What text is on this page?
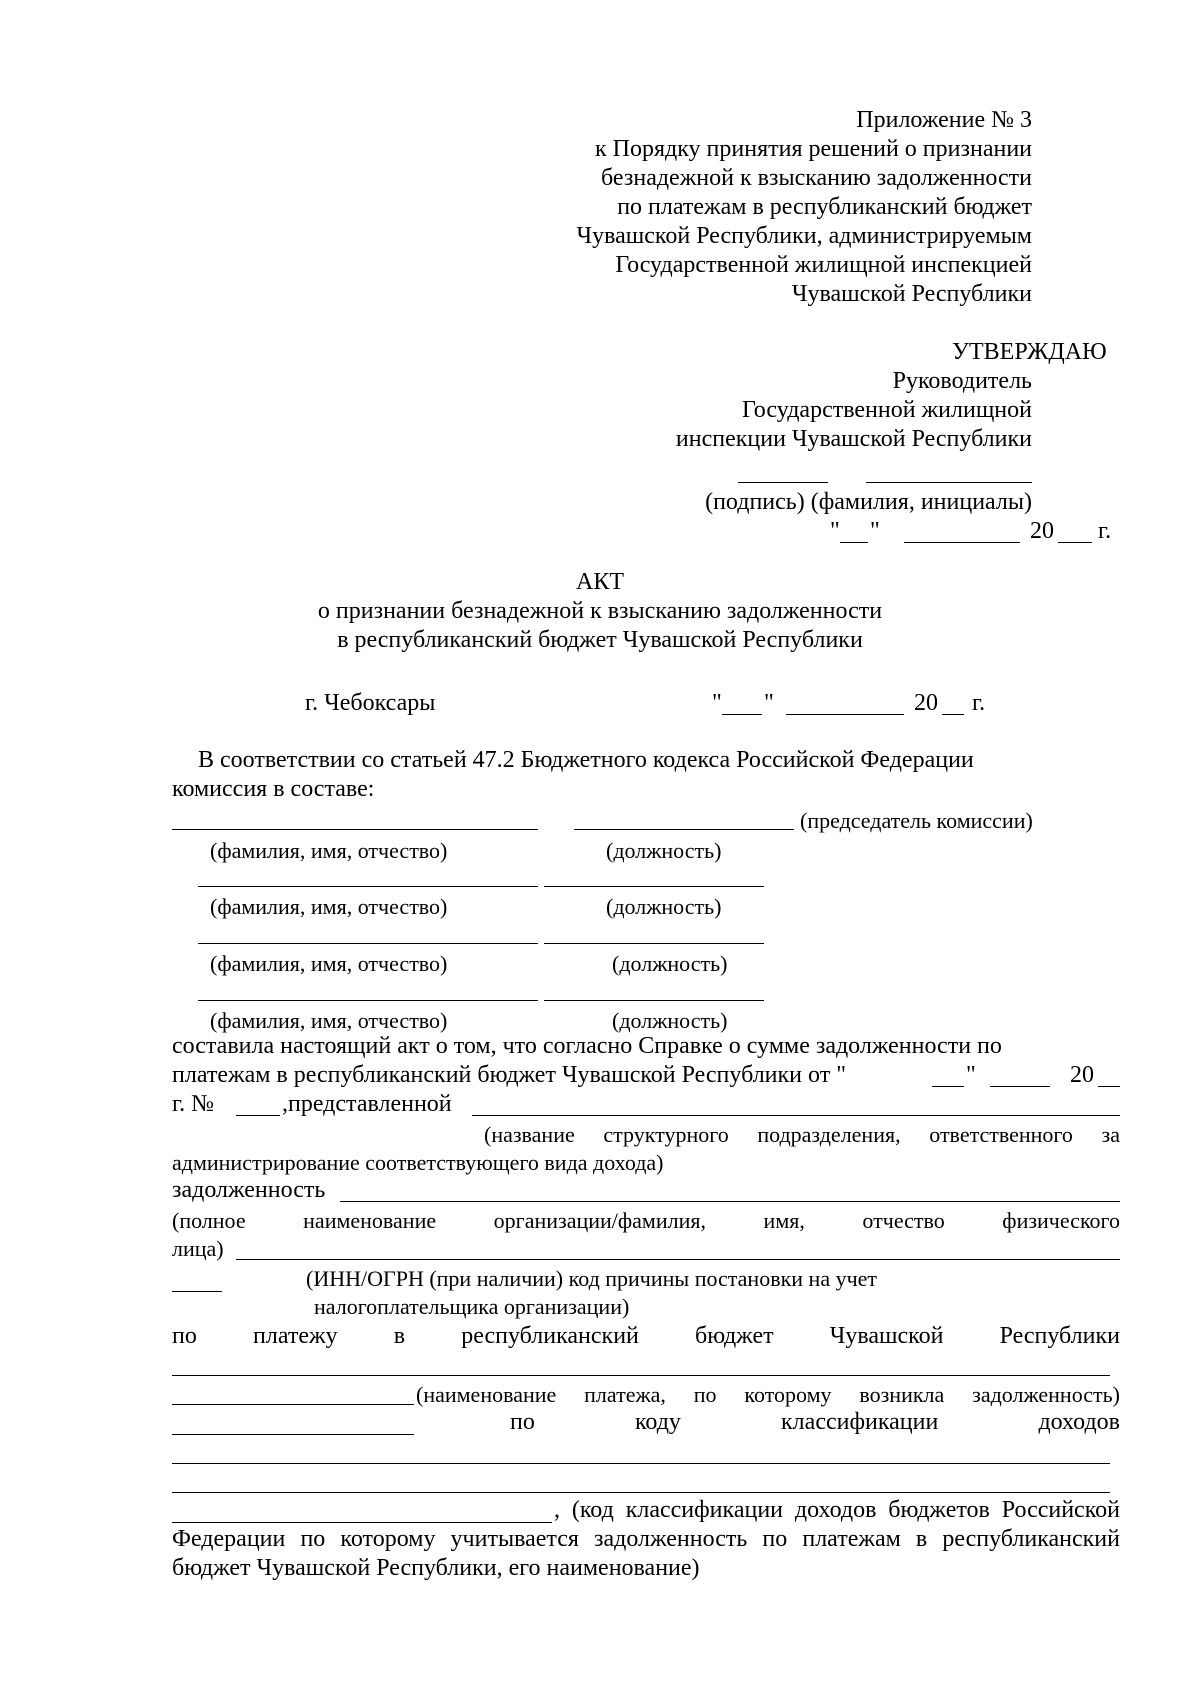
Приложение № 3
к Порядку принятия решений о признании
безнадежной к взысканию задолженности
по платежам в республиканский бюджет
Чувашской Республики, администрируемым
Государственной жилищной инспекцией
Чувашской Республики
УТВЕРЖДАЮ
Руководитель
Государственной жилищной
инспекции Чувашской Республики
(подпись) (фамилия, инициалы)
" "	20 г.
АКТ
о признании безнадежной к взысканию задолженности
в республиканский бюджет Чувашской Республики
г. Чебоксары	" "	20 г.
В соответствии со статьей 47.2 Бюджетного кодекса Российской Федерации
комиссия в составе:
(председатель комиссии)
(фамилия, имя, отчество)	(должность)
(фамилия, имя, отчество)	(должность)
(фамилия, имя, отчество)	(должность)
(фамилия, имя, отчество)	(должность)
составила настоящий акт о том, что согласно Справке о сумме задолженности по
платежам в республиканский бюджет Чувашской Республики от "	"	20
г. №	,представленной
(название структурного подразделения, ответственного за
администрирование соответствующего вида дохода)
задолженность
(полное наименование организации/фамилия, имя, отчество физического
лица)
(ИНН/ОГРН (при наличии) код причины постановки на учет
налогоплательщика организации)
по платежу в республиканский бюджет Чувашской Республики
(наименование платежа, по которому возникла задолженность)
по коду классификации доходов
, (код классификации доходов бюджетов Российской
Федерации по которому учитывается задолженность по платежам в республиканский
бюджет Чувашской Республики, его наименование)
